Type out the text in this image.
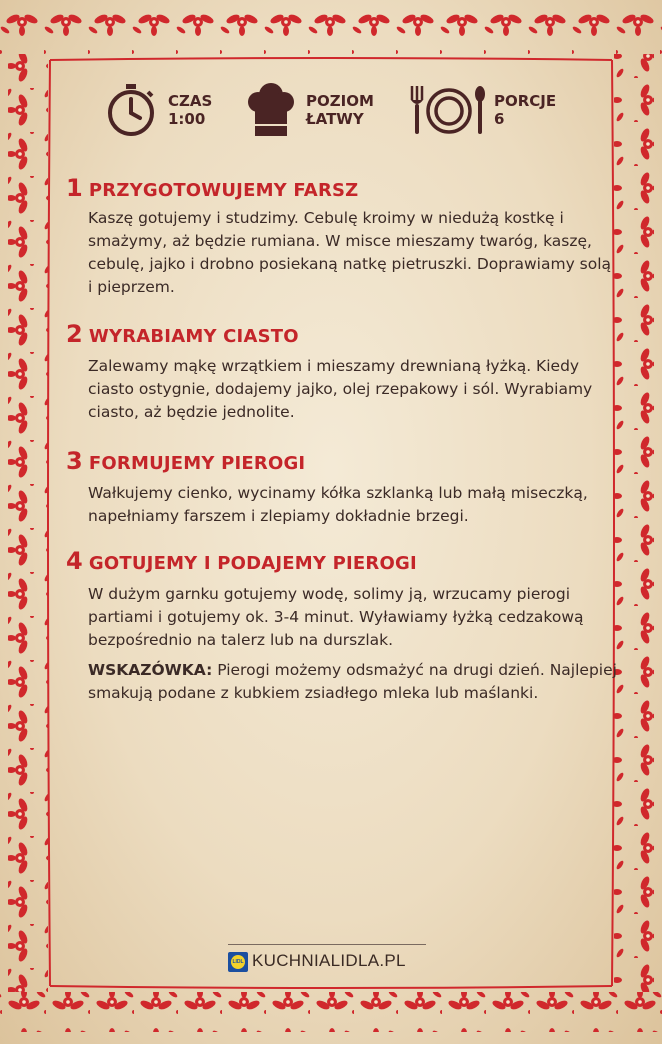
CZAS
1:00
POZIOM
ŁATWY
PORCJE
6
1 PRZYGOTOWUJEMY FARSZ
Kaszę gotujemy i studzimy. Cebulę kroimy w niedużą kostkę i smażymy, aż będzie rumiana. W misce mieszamy twaróg, kaszę, cebulę, jajko i drobno posiekaną natkę pietruszki. Doprawiamy solą i pieprzem.
2 WYRABIAMY CIASTO
Zalewamy mąkę wrzątkiem i mieszamy drewnianą łyżką. Kiedy ciasto ostygnie, dodajemy jajko, olej rzepakowy i sól. Wyrabiamy ciasto, aż będzie jednolite.
3 FORMUJEMY PIEROGI
Wałkujemy cienko, wycinamy kółka szklanką lub małą miseczką, napełniamy farszem i zlepiamy dokładnie brzegi.
4 GOTUJEMY I PODAJEMY PIEROGI
W dużym garnku gotujemy wodę, solimy ją, wrzucamy pierogi partiami i gotujemy ok. 3-4 minut. Wyławiamy łyżką cedzakową bezpośrednio na talerz lub na durszlak.
WSKAZÓWKA: Pierogi możemy odsmażyć na drugi dzień. Najlepiej smakują podane z kubkiem zsiadłego mleka lub maślanki.
LIDL KUCHNIALIDLA.PL
